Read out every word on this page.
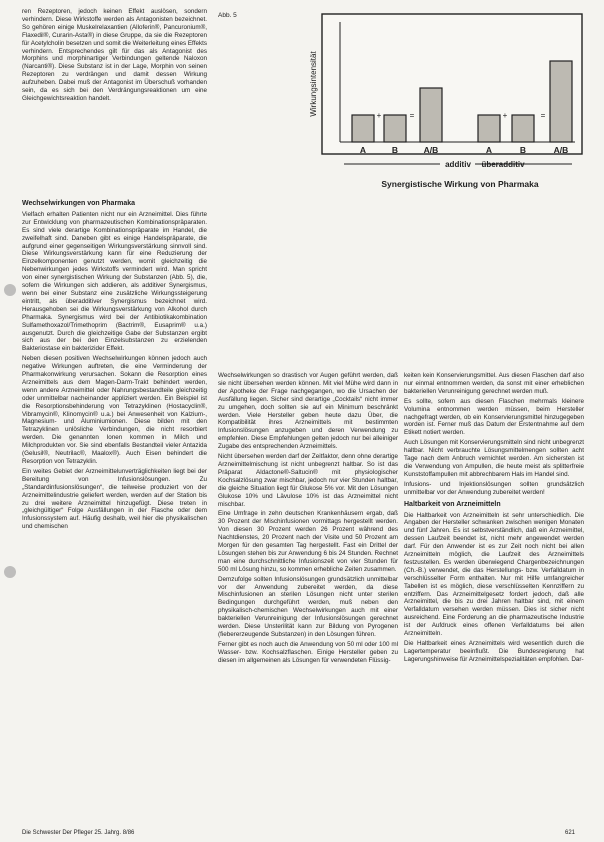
ren Rezeptoren, jedoch keinen Effekt auslösen, sondern verhindern. Diese Wirkstoffe werden als Antagonisten bezeichnet. So gehören einige Muskelrelaxantien (Alloferin®, Pancuronium®, Flaxedil®, Curarin-Asta®) in diese Gruppe, da sie die Rezeptoren für Acetylcholin besetzen und somit die Weiterleitung eines Effekts verhindern. Entsprechendes gilt für das als Antagonist des Morphins und morphinartiger Verbindungen geltende Naloxon (Narcanti®). Diese Substanz ist in der Lage, Morphin von seinen Rezeptoren zu verdrängen und damit dessen Wirkung aufzuheben. Dabei muß der Antagonist im Überschuß vorhanden sein, da es sich bei den Verdrängungsreaktionen um eine Gleichgewichtsreaktion handelt.

Abb. 5
Wirkungsintensität
A	B	A/B	A	B	A/B
+	=	+	=
additiv überadditiv
Synergistische Wirkung von Pharmaka
Wechselwirkungen von Pharmaka

Vielfach erhalten Patienten nicht nur ein Arzneimittel. Dies führte zur Entwicklung von pharmazeutischen Kombinationspräparaten. Es sind viele derartige Kombinationspräparate im Handel, die zweifelhaft sind. Daneben gibt es einige Handelspräparate, die aufgrund einer gegenseitigen Wirkungsverstärkung sinnvoll sind. Diese Wirkungsverstärkung kann für eine Reduzierung der Einzelkomponenten genutzt werden, womit gleichzeitig die Nebenwirkungen jedes Wirkstoffs vermindert wird. Man spricht von einer synergistischen Wirkung der Substanzen (Abb. 5), die, sofern die Wirkungen sich addieren, als additiver Synergismus, wenn bei einer Substanz eine zusätzliche Wirkungssteigerung eintritt, als überadditiver Synergismus bezeichnet wird. Herausgehoben sei die Wirkungsverstärkung von Alkohol durch Pharmaka. Synergismus wird bei der Antibiotikakombination Sulfamethoxazol/Trimethoprim (Bactrim®, Eusaprim® u.a.) ausgenutzt. Durch die gleichzeitige Gabe der Substanzen ergibt sich aus der bei den Einzelsubstanzen zu erzielenden Bakteriostase ein bakterizider Effekt.

Neben diesen positiven Wechselwirkungen können jedoch auch negative Wirkungen auftreten, die eine Verminderung der Pharmakonwirkung verursachen. Sokann die Resorption eines Arzneimittels aus dem Magen-Darm-Trakt behindert werden, wenn andere Arzneimittel oder Nahrungsbestandteile gleichzeitig oder unmittelbar nacheinander appliziert werden. Ein Beispiel ist die Resorptionsbehinderung von Tetrazyklinen (Hostacyclin®, Vibramycin®, Klinomycin® u.a.) bei Anwesenheit von Kalzium-, Magnesium- und Aluminiumionen. Diese bilden mit den Tetrazyklinen unlösliche Verbindungen, die nicht resorbiert werden. Die genannten Ionen kommen in Milch und Milchprodukten vor. Sie sind ebenfalls Bestandteil vieler Antazida (Gelusil®, Neutrilac®, Maalox®). Auch Eisen behindert die Resorption von Tetrazyklin.

Ein weites Gebiet der Arzneimittelunverträglichkeiten liegt bei der Bereitung von Infusionslösungen. Zu „Standardinfusionslösungen“, die teilweise produziert von der Arzneimittelindustrie geliefert werden, werden auf der Station bis zu drei weitere Arzneimittel hinzugefügt. Diese treten in „gleichgültiger“ Folge Ausfällungen in der Flasche oder dem Infusionssystem auf. Häufig deshalb, weil hier die physikalischen und chemischen

Wechselwirkungen so drastisch vor Augen geführt werden, daß sie nicht übersehen werden können. Mit viel Mühe wird dann in der Apotheke der Frage nachgegangen, wo die Ursachen der Ausfällung liegen. Sicher sind derartige „Cocktails“ nicht immer zu umgehen, doch sollten sie auf ein Minimum beschränkt werden. Viele Hersteller geben heute dazu Über, die Kompatibilität ihres Arzneimittels mit bestimmten Infusionslösungen anzugeben und deren Verwendung zu empfehlen. Diese Empfehlungen gelten jedoch nur bei alleiniger Zugabe des entsprechenden Arzneimittels.

Nicht übersehen werden darf der Zeitfaktor, denn ohne derartige Arzneimittelmischung ist nicht unbegrenzt haltbar. So ist das Präparat Aldactone®-Saltucin® mit physiologischer Kochsalzlösung zwar mischbar, jedoch nur vier Stunden haltbar, die gleiche Situation liegt für Glukose 5% vor. Mit den Lösungen Glukose 10% und Lävulose 10% ist das Arzneimittel nicht mischbar.

Eine Umfrage in zehn deutschen Krankenhäusern ergab, daß 30 Prozent der Mischinfusionen vormittags hergestellt werden. Von diesen 30 Prozent werden 26 Prozent während des Nachtdienstes, 20 Prozent nach der Visite und 50 Prozent am Morgen für den gesamten Tag hergestellt. Fast ein Drittel der Lösungen stehen bis zur Anwendung 6 bis 24 Stunden. Rechnet man eine durchschnittliche Infusionszeit von vier Stunden für 500 ml Lösung hinzu, so kommen erhebliche Zeiten zusammen.

Demzufolge sollten Infusionslösungen grundsätzlich unmittelbar vor der Anwendung zubereitet werden, da diese Mischinfusionen an sterilen Lösungen nicht unter sterilen Bedingungen durchgeführt werden, muß neben den physikalisch-chemischen Wechselwirkungen auch mit einer bakteriellen Verunreinigung der Infusionslösungen gerechnet werden. Diese Unsterilität kann zur Bildung von Pyrogenen (fiebererzeugende Substanzen) in den Lösungen führen.

Ferner gibt es noch auch die Anwendung von 50 ml oder 100 ml Wasser- bzw. Kochsalzflaschen. Einige Hersteller geben zu diesen im allgemeinen als Lösungen für verwendeten Flüssig-

keiten kein Konservierungsmittel. Aus diesen Flaschen darf also nur einmal entnommen werden, da sonst mit einer erheblichen bakteriellen Verunreinigung gerechnet werden muß.

Es sollte, sofern aus diesen Flaschen mehrmals kleinere Volumina entnommen werden müssen, beim Hersteller nachgefragt werden, ob ein Konservierungsmittel hinzugegeben worden ist. Ferner muß das Datum der Erstentnahme auf dem Etikett notiert werden.

Auch Lösungen mit Konservierungsmitteln sind nicht unbegrenzt haltbar. Nicht verbrauchte Lösungsmittelmengen sollten acht Tage nach dem Anbruch vernichtet werden. Am sichersten ist die Verwendung von Ampullen, die heute meist als splitterfreie Kunststoffampullen mit abbrechbarem Hals im Handel sind.

Infusions- und Injektionslösungen sollten grundsätzlich unmittelbar vor der Anwendung zubereitet werden!

Haltbarkeit von Arzneimitteln

Die Haltbarkeit von Arzneimitteln ist sehr unterschiedlich. Die Angaben der Hersteller schwanken zwischen wenigen Monaten und fünf Jahren. Es ist selbstverständlich, daß ein Arzneimittel, dessen Laufzeit beendet ist, nicht mehr angewendet werden darf. Für den Anwender ist es zur Zeit noch nicht bei allen Arzneimitteln möglich, die Laufzeit des Arzneimittels festzustellen. Es werden überwiegend Chargenbezeichnungen (Ch.-B.) verwendet, die das Herstellungs- bzw. Verfalldatum in verschlüsselter Form enthalten. Nur mit Hilfe umfangreicher Tabellen ist es möglich, diese verschlüsselten Kennziffern zu entziffern. Das Arzneimittelgesetz fordert jedoch, daß alle Arzneimittel, die bis zu drei Jahren haltbar sind, mit einem Verfalldatum versehen werden müssen. Dies ist sicher nicht ausreichend. Eine Forderung an die pharmazeutische Industrie ist der Aufdruck eines offenen Verfalldatums bei allen Arzneimitteln.

Die Haltbarkeit eines Arzneimittels wird wesentlich durch die Lagertemperatur beeinflußt. Die Bundesregierung hat Lagerungshinweise für Arzneimittelspezialitäten empfohlen. Dar-

Die Schwester Der Pfleger 25. Jahrg. 8/86	621
